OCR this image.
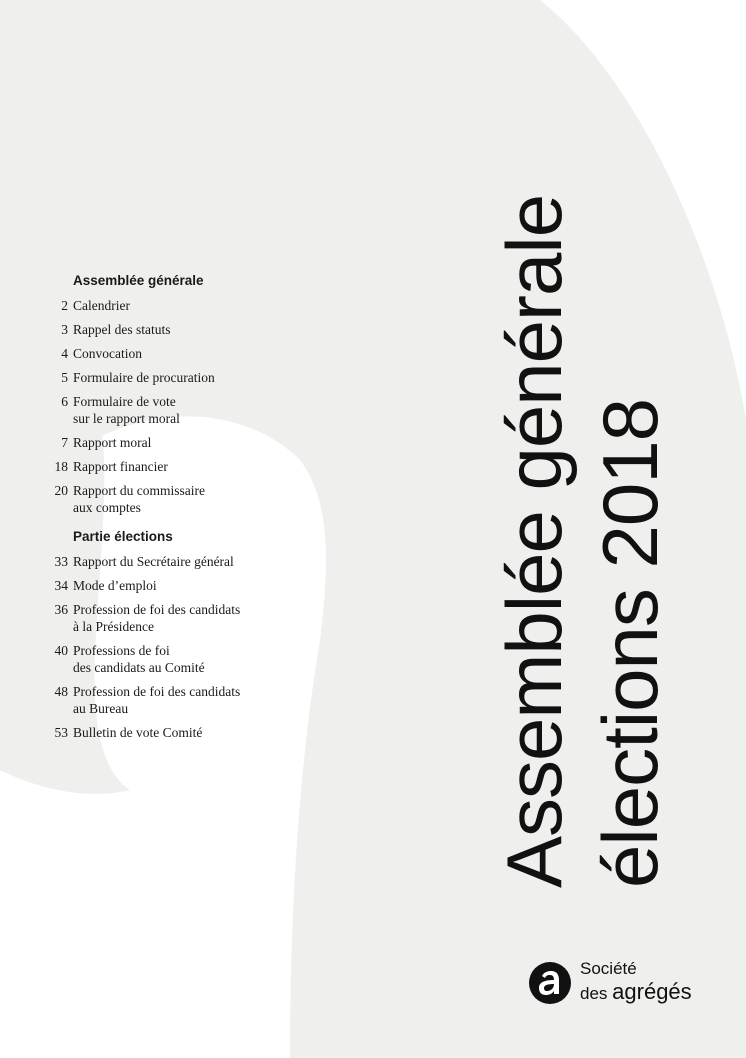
Assemblée générale
2 Calendrier
3 Rappel des statuts
4 Convocation
5 Formulaire de procuration
6 Formulaire de vote
sur le rapport moral
7 Rapport moral
18 Rapport financier
20 Rapport du commissaire
aux comptes
Partie élections
33 Rapport du Secrétaire général
34 Mode d’emploi
36 Profession de foi des candidats
à la Présidence
40 Professions de foi
des candidats au Comité
48 Profession de foi des candidats
au Bureau
53 Bulletin de vote Comité	Assemblée générale
élections 2018
Société
des agrégés
